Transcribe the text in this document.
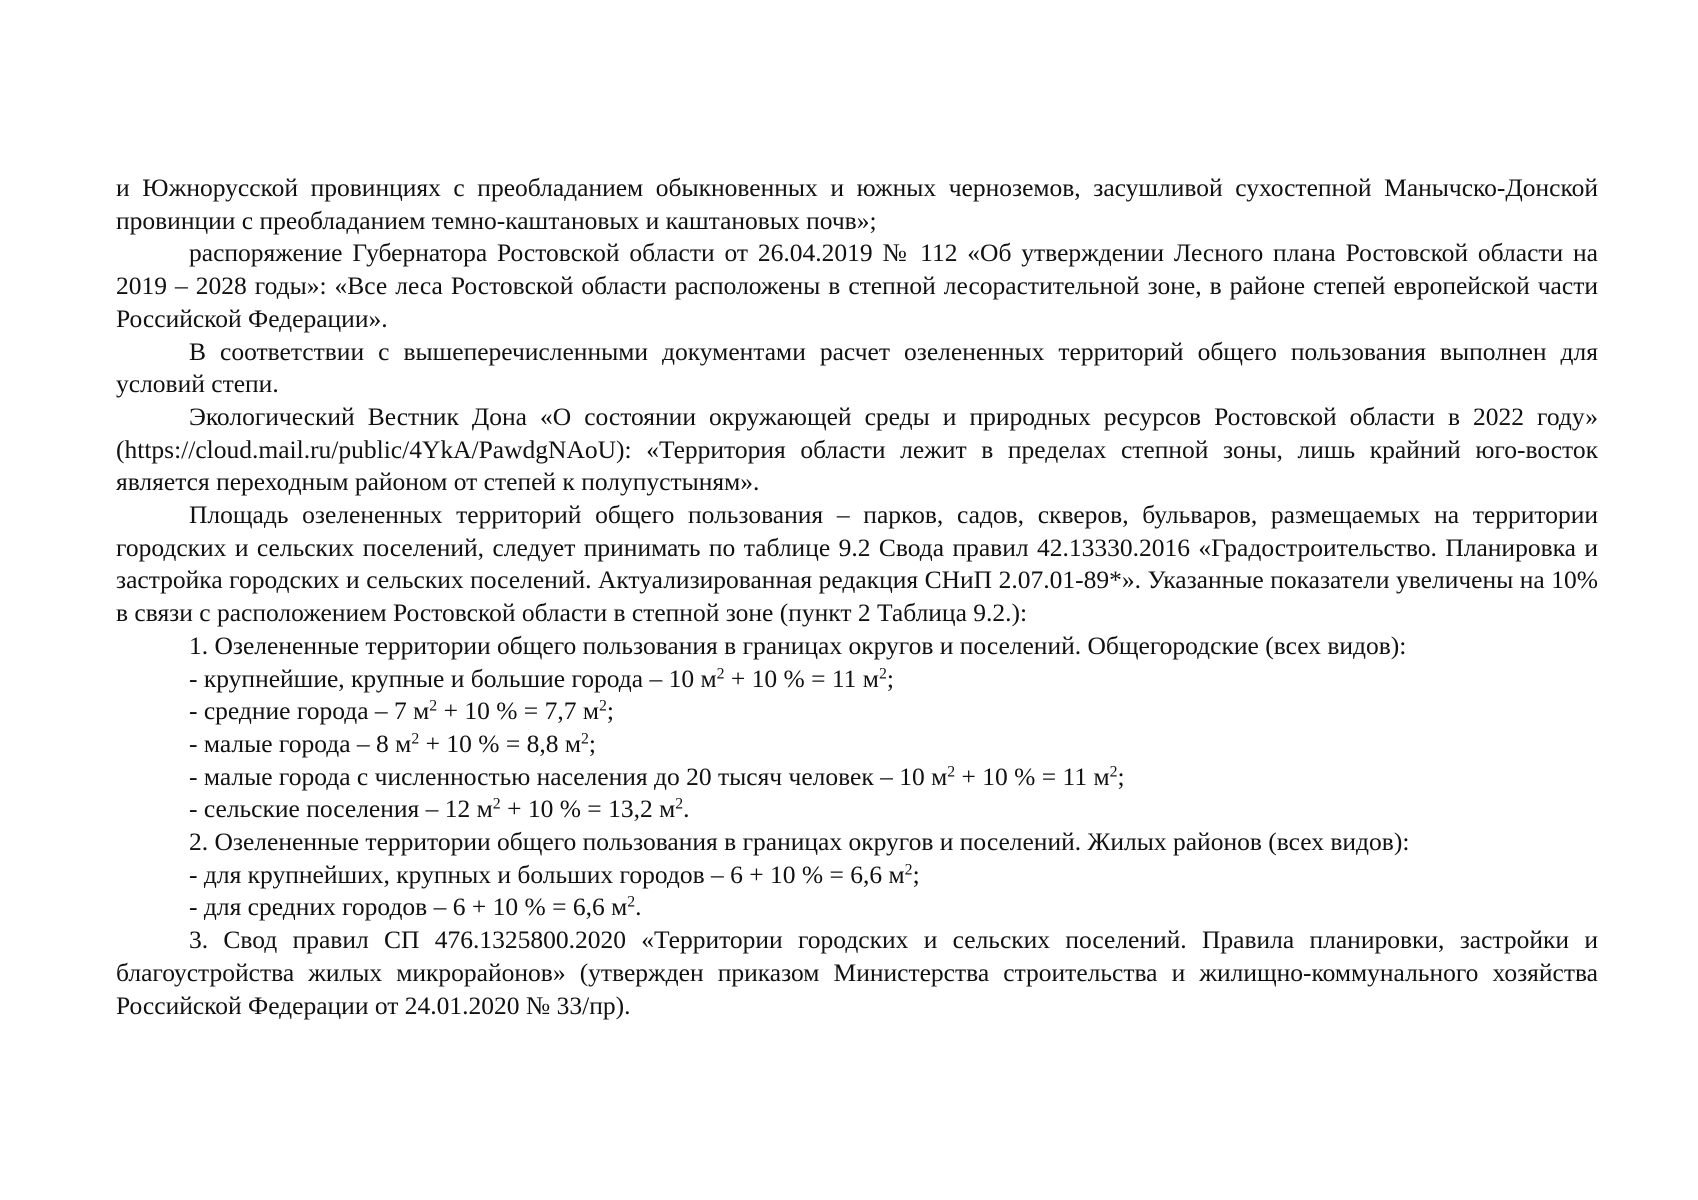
и Южнорусской провинциях с преобладанием обыкновенных и южных черноземов, засушливой сухостепной Манычско-Донской провинции с преобладанием темно-каштановых и каштановых почв»;

распоряжение Губернатора Ростовской области от 26.04.2019 № 112 «Об утверждении Лесного плана Ростовской области на 2019 – 2028 годы»: «Все леса Ростовской области расположены в степной лесорастительной зоне, в районе степей европейской части Российской Федерации».

В соответствии с вышеперечисленными документами расчет озелененных территорий общего пользования выполнен для условий степи.

Экологический Вестник Дона «О состоянии окружающей среды и природных ресурсов Ростовской области в 2022 году» (https://cloud.mail.ru/public/4YkA/PawdgNAoU): «Территория области лежит в пределах степной зоны, лишь крайний юго-восток является переходным районом от степей к полупустыням».

Площадь озелененных территорий общего пользования – парков, садов, скверов, бульваров, размещаемых на территории городских и сельских поселений, следует принимать по таблице 9.2 Свода правил 42.13330.2016 «Градостроительство. Планировка и застройка городских и сельских поселений. Актуализированная редакция СНиП 2.07.01-89*». Указанные показатели увеличены на 10% в связи с расположением Ростовской области в степной зоне (пункт 2 Таблица 9.2.):

1. Озелененные территории общего пользования в границах округов и поселений. Общегородские (всех видов):

- крупнейшие, крупные и большие города – 10 $м^2 + 10$ % = 11 $м^2$;

- средние города – 7 $м^2 + 10$ % = 7,7 $м^2$;

- малые города – 8 $м^2 + 10$ % = 8,8 $м^2$;

- малые города с численностью населения до 20 тысяч человек – 10 $м^2 + 10$ % = 11 $м^2$;

- сельские поселения – 12 $м^2 + 10$ % = 13,2 $м^2$.

2. Озелененные территории общего пользования в границах округов и поселений. Жилых районов (всех видов):

- для крупнейших, крупных и больших городов – 6 + 10 % = 6,6 $м^2$;

- для средних городов – 6 + 10 % = 6,6 $м^2$.

3. Свод правил СП 476.1325800.2020 «Территории городских и сельских поселений. Правила планировки, застройки и благоустройства жилых микрорайонов» (утвержден приказом Министерства строительства и жилищно-коммунального хозяйства Российской Федерации от 24.01.2020 № 33/пр).
